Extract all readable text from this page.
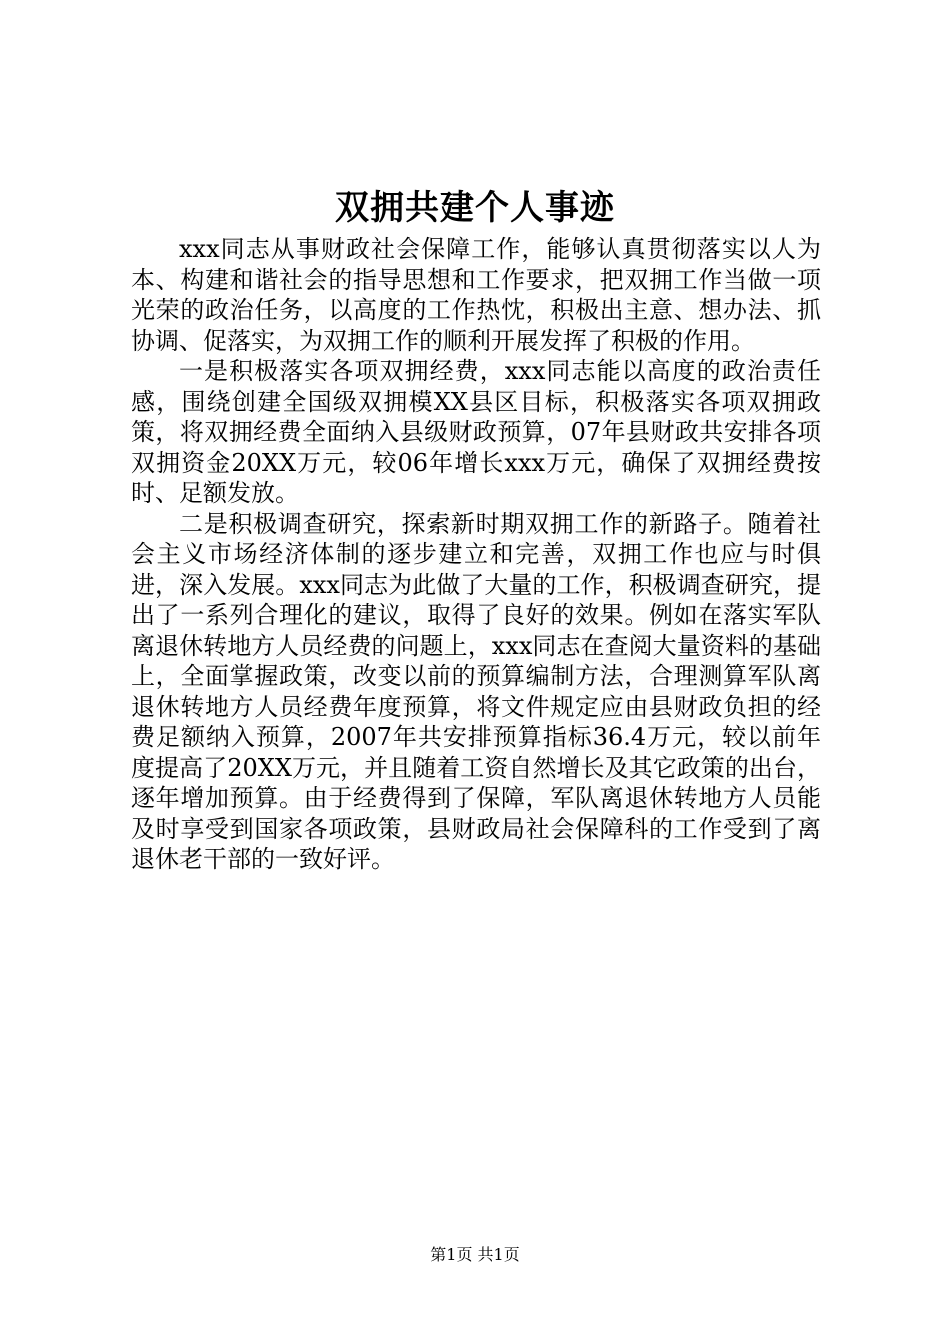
双拥共建个人事迹

xxx同志从事财政社会保障工作，能够认真贯彻落实以人为本、构建和谐社会的指导思想和工作要求，把双拥工作当做一项光荣的政治任务，以高度的工作热忱，积极出主意、想办法、抓协调、促落实，为双拥工作的顺利开展发挥了积极的作用。

一是积极落实各项双拥经费，xxx同志能以高度的政治责任感，围绕创建全国级双拥模XX县区目标，积极落实各项双拥政策，将双拥经费全面纳入县级财政预算，07年县财政共安排各项双拥资金20XX万元，较06年增长xxx万元，确保了双拥经费按时、足额发放。

二是积极调查研究，探索新时期双拥工作的新路子。随着社会主义市场经济体制的逐步建立和完善，双拥工作也应与时俱进，深入发展。xxx同志为此做了大量的工作，积极调查研究，提出了一系列合理化的建议，取得了良好的效果。例如在落实军队离退休转地方人员经费的问题上，xxx同志在查阅大量资料的基础上，全面掌握政策，改变以前的预算编制方法，合理测算军队离退休转地方人员经费年度预算，将文件规定应由县财政负担的经费足额纳入预算，2007年共安排预算指标36.4万元，较以前年度提高了20XX万元，并且随着工资自然增长及其它政策的出台，逐年增加预算。由于经费得到了保障，军队离退休转地方人员能及时享受到国家各项政策，县财政局社会保障科的工作受到了离退休老干部的一致好评。

第1页 共1页
